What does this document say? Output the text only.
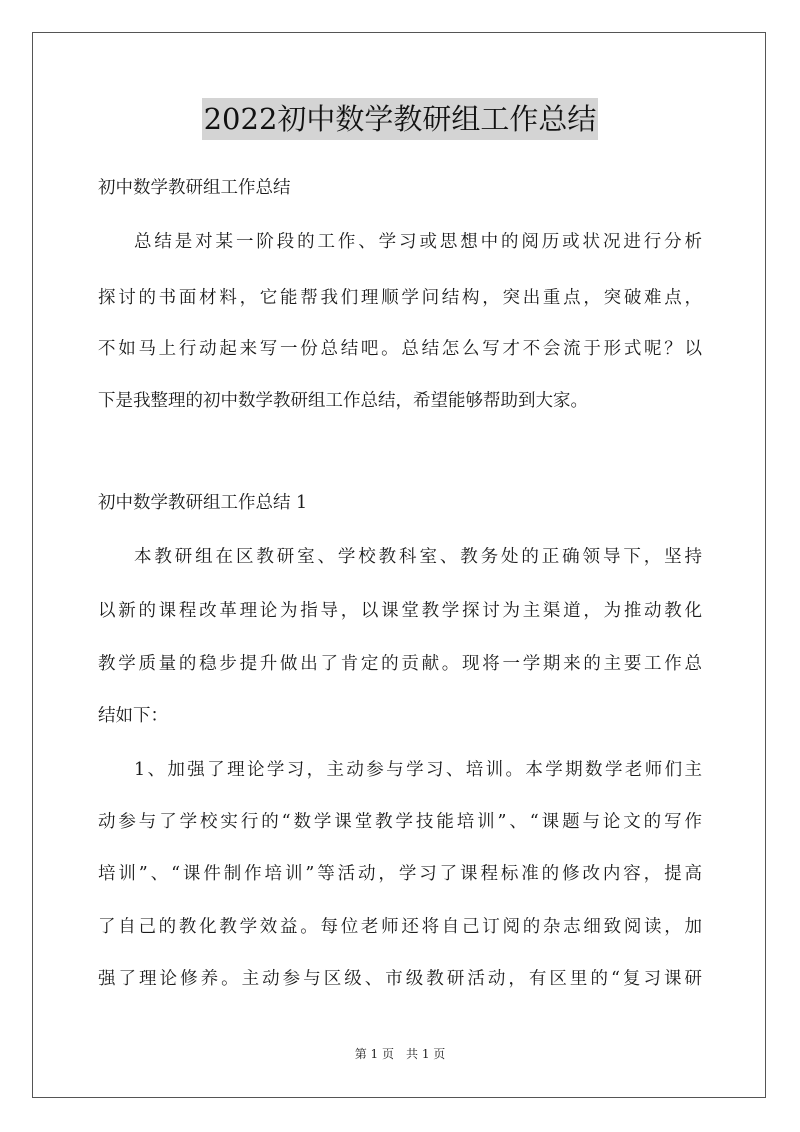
2022初中数学教研组工作总结
初中数学教研组工作总结
总结是对某一阶段的工作、学习或思想中的阅历或状况进行分析
探讨的书面材料，它能帮我们理顺学问结构，突出重点，突破难点，
不如马上行动起来写一份总结吧。总结怎么写才不会流于形式呢？以
下是我整理的初中数学教研组工作总结，希望能够帮助到大家。
初中数学教研组工作总结 1
本教研组在区教研室、学校教科室、教务处的正确领导下，坚持
以新的课程改革理论为指导，以课堂教学探讨为主渠道，为推动教化
教学质量的稳步提升做出了肯定的贡献。现将一学期来的主要工作总
结如下：
1、加强了理论学习，主动参与学习、培训。本学期数学老师们主
动参与了学校实行的“数学课堂教学技能培训”、“课题与论文的写作
培训”、“课件制作培训”等活动，学习了课程标准的修改内容，提高
了自己的教化教学效益。每位老师还将自己订阅的杂志细致阅读，加
强了理论修养。主动参与区级、市级教研活动，有区里的“复习课研
第 1 页　共 1 页
